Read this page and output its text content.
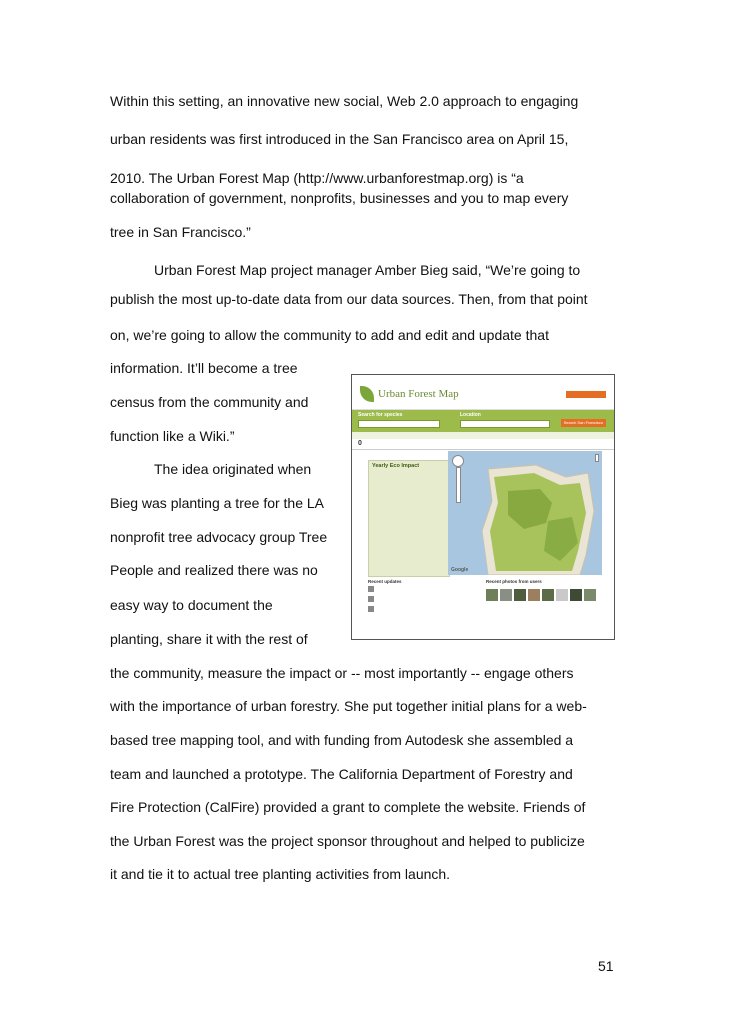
Within this setting, an innovative new social, Web 2.0 approach to engaging
urban residents was first introduced in the San Francisco area on April 15,
2010. The Urban Forest Map (http://www.urbanforestmap.org) is “a
collaboration of government, nonprofits, businesses and you to map every
tree in San Francisco.”
Urban Forest Map project manager Amber Bieg said, “We’re going to
publish the most up-to-date data from our data sources. Then, from that point
on, we’re going to allow the community to add and edit and update that
information. It’ll become a tree
census from the community and
function like a Wiki.”
The idea originated when
Bieg was planting a tree for the LA
nonprofit tree advocacy group Tree
People and realized there was no
easy way to document the
planting, share it with the rest of
the community, measure the impact or -- most importantly -- engage others
with the importance of urban forestry. She put together initial plans for a web-
based tree mapping tool, and with funding from Autodesk she assembled a
team and launched a prototype. The California Department of Forestry and
Fire Protection (CalFire) provided a grant to complete the website. Friends of
the Urban Forest was the project sponsor throughout and helped to publicize
it and tie it to actual tree planting activities from launch.
Urban Forest Map
Search for species	Location
Search San Francisco
0
Yearly Eco Impact
Google
Recent updates	Recent photos from users
51
